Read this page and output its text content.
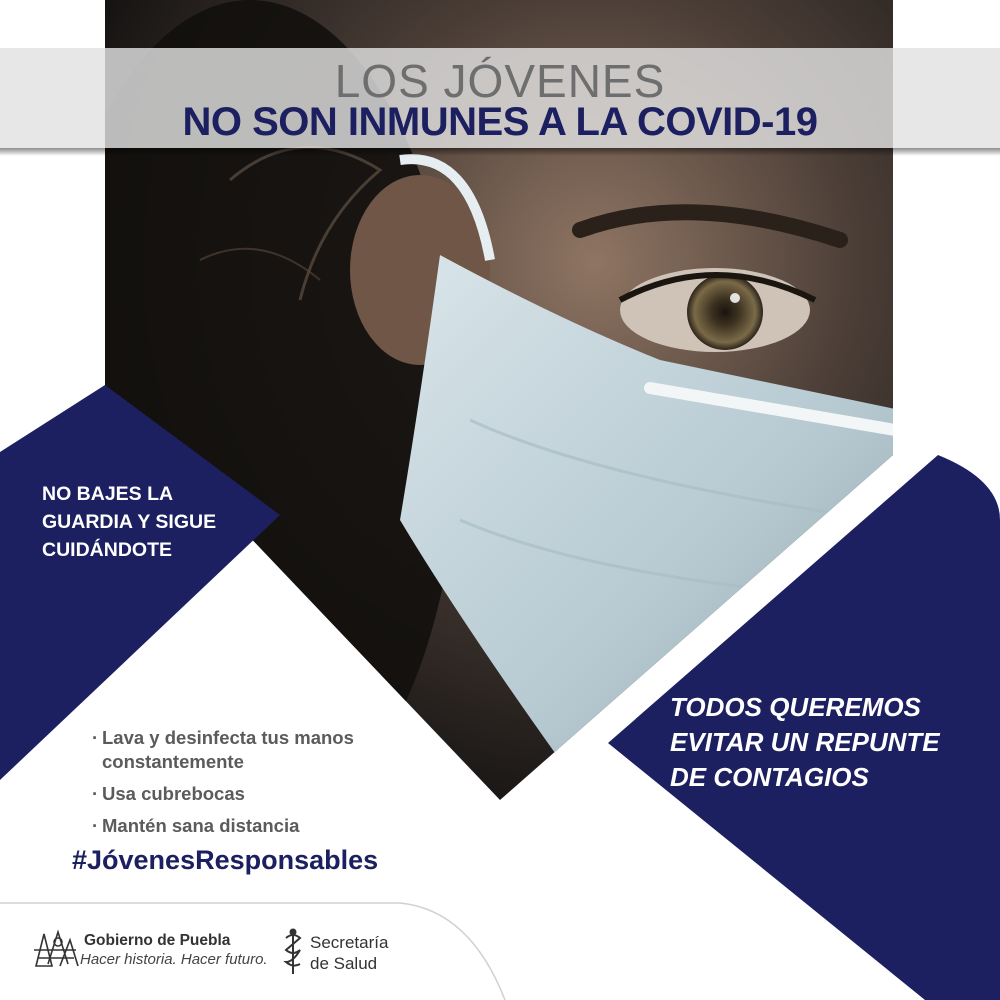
LOS JÓVENES
NO SON INMUNES A LA COVID-19
NO BAJES LA
GUARDIA Y SIGUE
CUIDÁNDOTE
TODOS QUEREMOS
EVITAR UN REPUNTE
DE CONTAGIOS
· Lava y desinfecta tus manos
constantemente
· Usa cubrebocas
· Mantén sana distancia
#JóvenesResponsables
Gobierno de Puebla
Hacer historia. Hacer futuro.
Secretaría
de Salud
